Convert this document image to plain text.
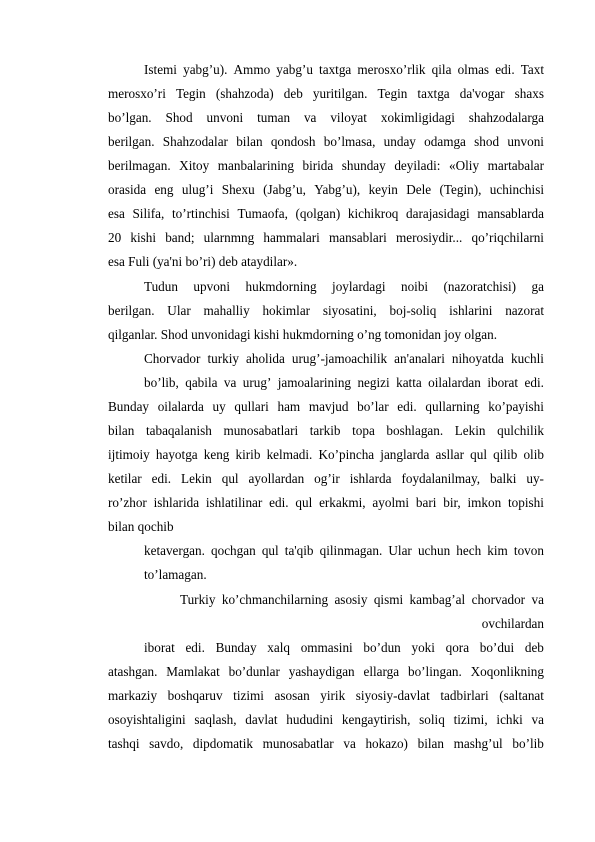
Istemi yabg’u). Ammo yabg’u taxtga merosxo’rlik qila olmas edi. Taxt
merosxo’ri Tegin (shahzoda) deb yuritilgan. Tegin taxtga da'vogar shaxs
bo’lgan. Shod unvoni tuman va viloyat xokimligidagi shahzodalarga
berilgan. Shahzodalar bilan qondosh bo’lmasa, unday odamga shod unvoni
berilmagan. Xitoy manbalarining birida shunday deyiladi: «Oliy martabalar
orasida eng ulug’i Shexu (Jabg’u, Yabg’u), keyin Dele (Tegin), uchinchisi
esa Silifa, to’rtinchisi Tumaofa, (qolgan) kichikroq darajasidagi mansablarda
20 kishi band; ularnmng hammalari mansablari merosiydir... qo’riqchilarni
esa Fuli (ya'ni bo’ri) deb ataydilar».
Tudun upvoni hukmdorning joylardagi noibi (nazoratchisi) ga
berilgan. Ular mahalliy hokimlar siyosatini, boj-soliq ishlarini nazorat
qilganlar. Shod unvonidagi kishi hukmdorning o’ng tomonidan joy olgan.
Chorvador turkiy aholida urug’-jamoachilik an'analari nihoyatda kuchli
bo’lib, qabila va urug’ jamoalarining negizi katta oilalardan iborat edi.
Bunday oilalarda uy qullari ham mavjud bo’lar edi. qullarning ko’payishi
bilan tabaqalanish munosabatlari tarkib topa boshlagan. Lekin qulchilik
ijtimoiy hayotga keng kirib kelmadi. Ko’pincha janglarda asllar qul qilib olib
ketilar edi. Lekin qul ayollardan og’ir ishlarda foydalanilmay, balki uy-
ro’zhor ishlarida ishlatilinar edi. qul erkakmi, ayolmi bari bir, imkon topishi
bilan qochib
ketavergan. qochgan qul ta'qib qilinmagan. Ular uchun hech kim tovon
to’lamagan.
Turkiy ko’chmanchilarning asosiy qismi kambag’al chorvador va
ovchilardan
iborat edi. Bunday xalq ommasini bo’dun yoki qora bo’dui deb
atashgan. Mamlakat bo’dunlar yashaydigan ellarga bo’lingan. Xoqonlikning
markaziy boshqaruv tizimi asosan yirik siyosiy-davlat tadbirlari (saltanat
osoyishtaligini saqlash, davlat hududini kengaytirish, soliq tizimi, ichki va
tashqi savdo, dipdomatik munosabatlar va hokazo) bilan mashg’ul bo’lib
